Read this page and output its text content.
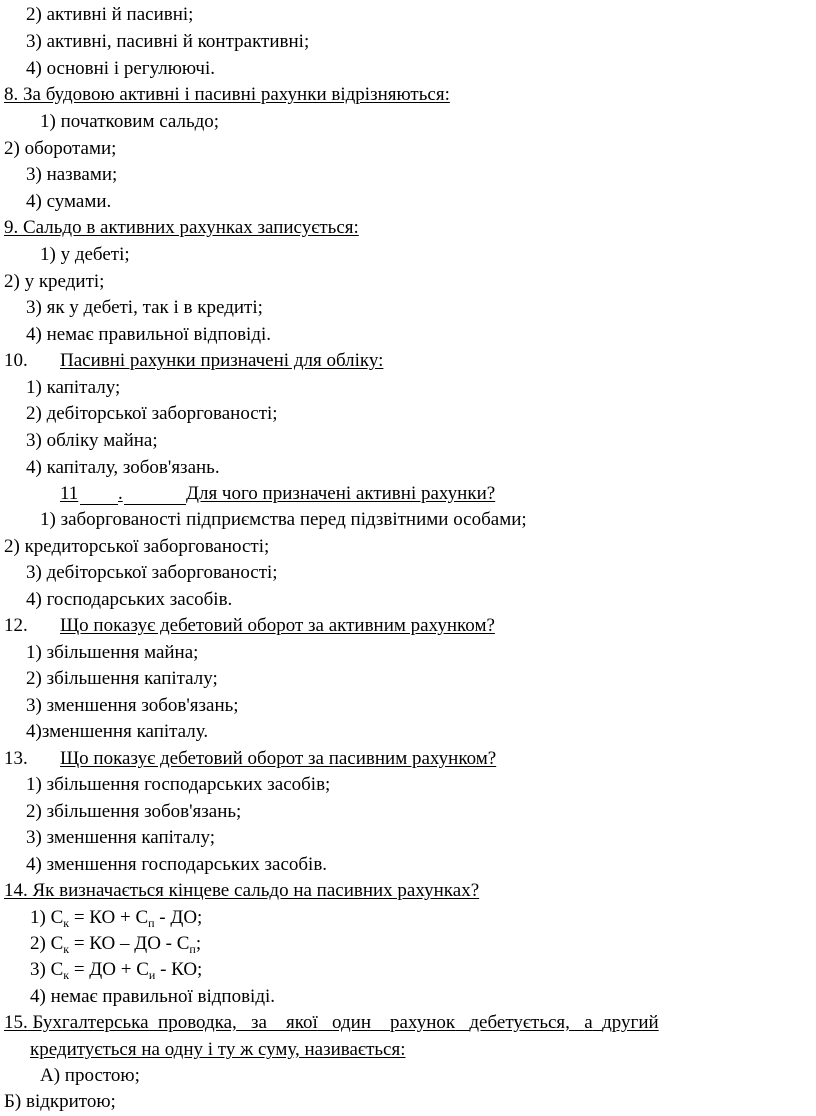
2) активні й пасивні;
3) активні, пасивні й контрактивні;
4) основні і регулюючі.
8. За будовою активні і пасивні рахунки відрізняються:
1) початковим сальдо;
2) оборотами;
3) назвами;
4) сумами.
9. Сальдо в активних рахунках записується:
1) у дебеті;
2) у кредиті;
3) як у дебеті, так і в кредиті;
4) немає правильної відповіді.
10. Пасивні рахунки призначені для обліку:
1) капіталу;
2) дебіторської заборгованості;
3) обліку майна;
4) капіталу, зобов'язань.
11 .	Для чого призначені активні рахунки?
1) заборгованості підприємства перед підзвітними особами;
2) кредиторської заборгованості;
3) дебіторської заборгованості;
4) господарських засобів.
12. Що показує дебетовий оборот за активним рахунком?
1) збільшення майна;
2) збільшення капіталу;
3) зменшення зобов'язань;
4)зменшення капіталу.
13. Що показує дебетовий оборот за пасивним рахунком?
1) збільшення господарських засобів;
2) збільшення зобов'язань;
3) зменшення капіталу;
4) зменшення господарських засобів.
14. Як визначається кінцеве сальдо на пасивних рахунках?
1) $С_к$ = КО + $С_п$ - ДО;
2) $С_к$ = КО – ДО - $С_п$;
3) $С_к$ = ДО + $С_и$ - КО;
4) немає правильної відповіді.
15. Бухгалтерська проводка, за якої один рахунок дебетується, а другий
кредитується на одну і ту ж суму, називається:
А) простою;
Б) відкритою;
